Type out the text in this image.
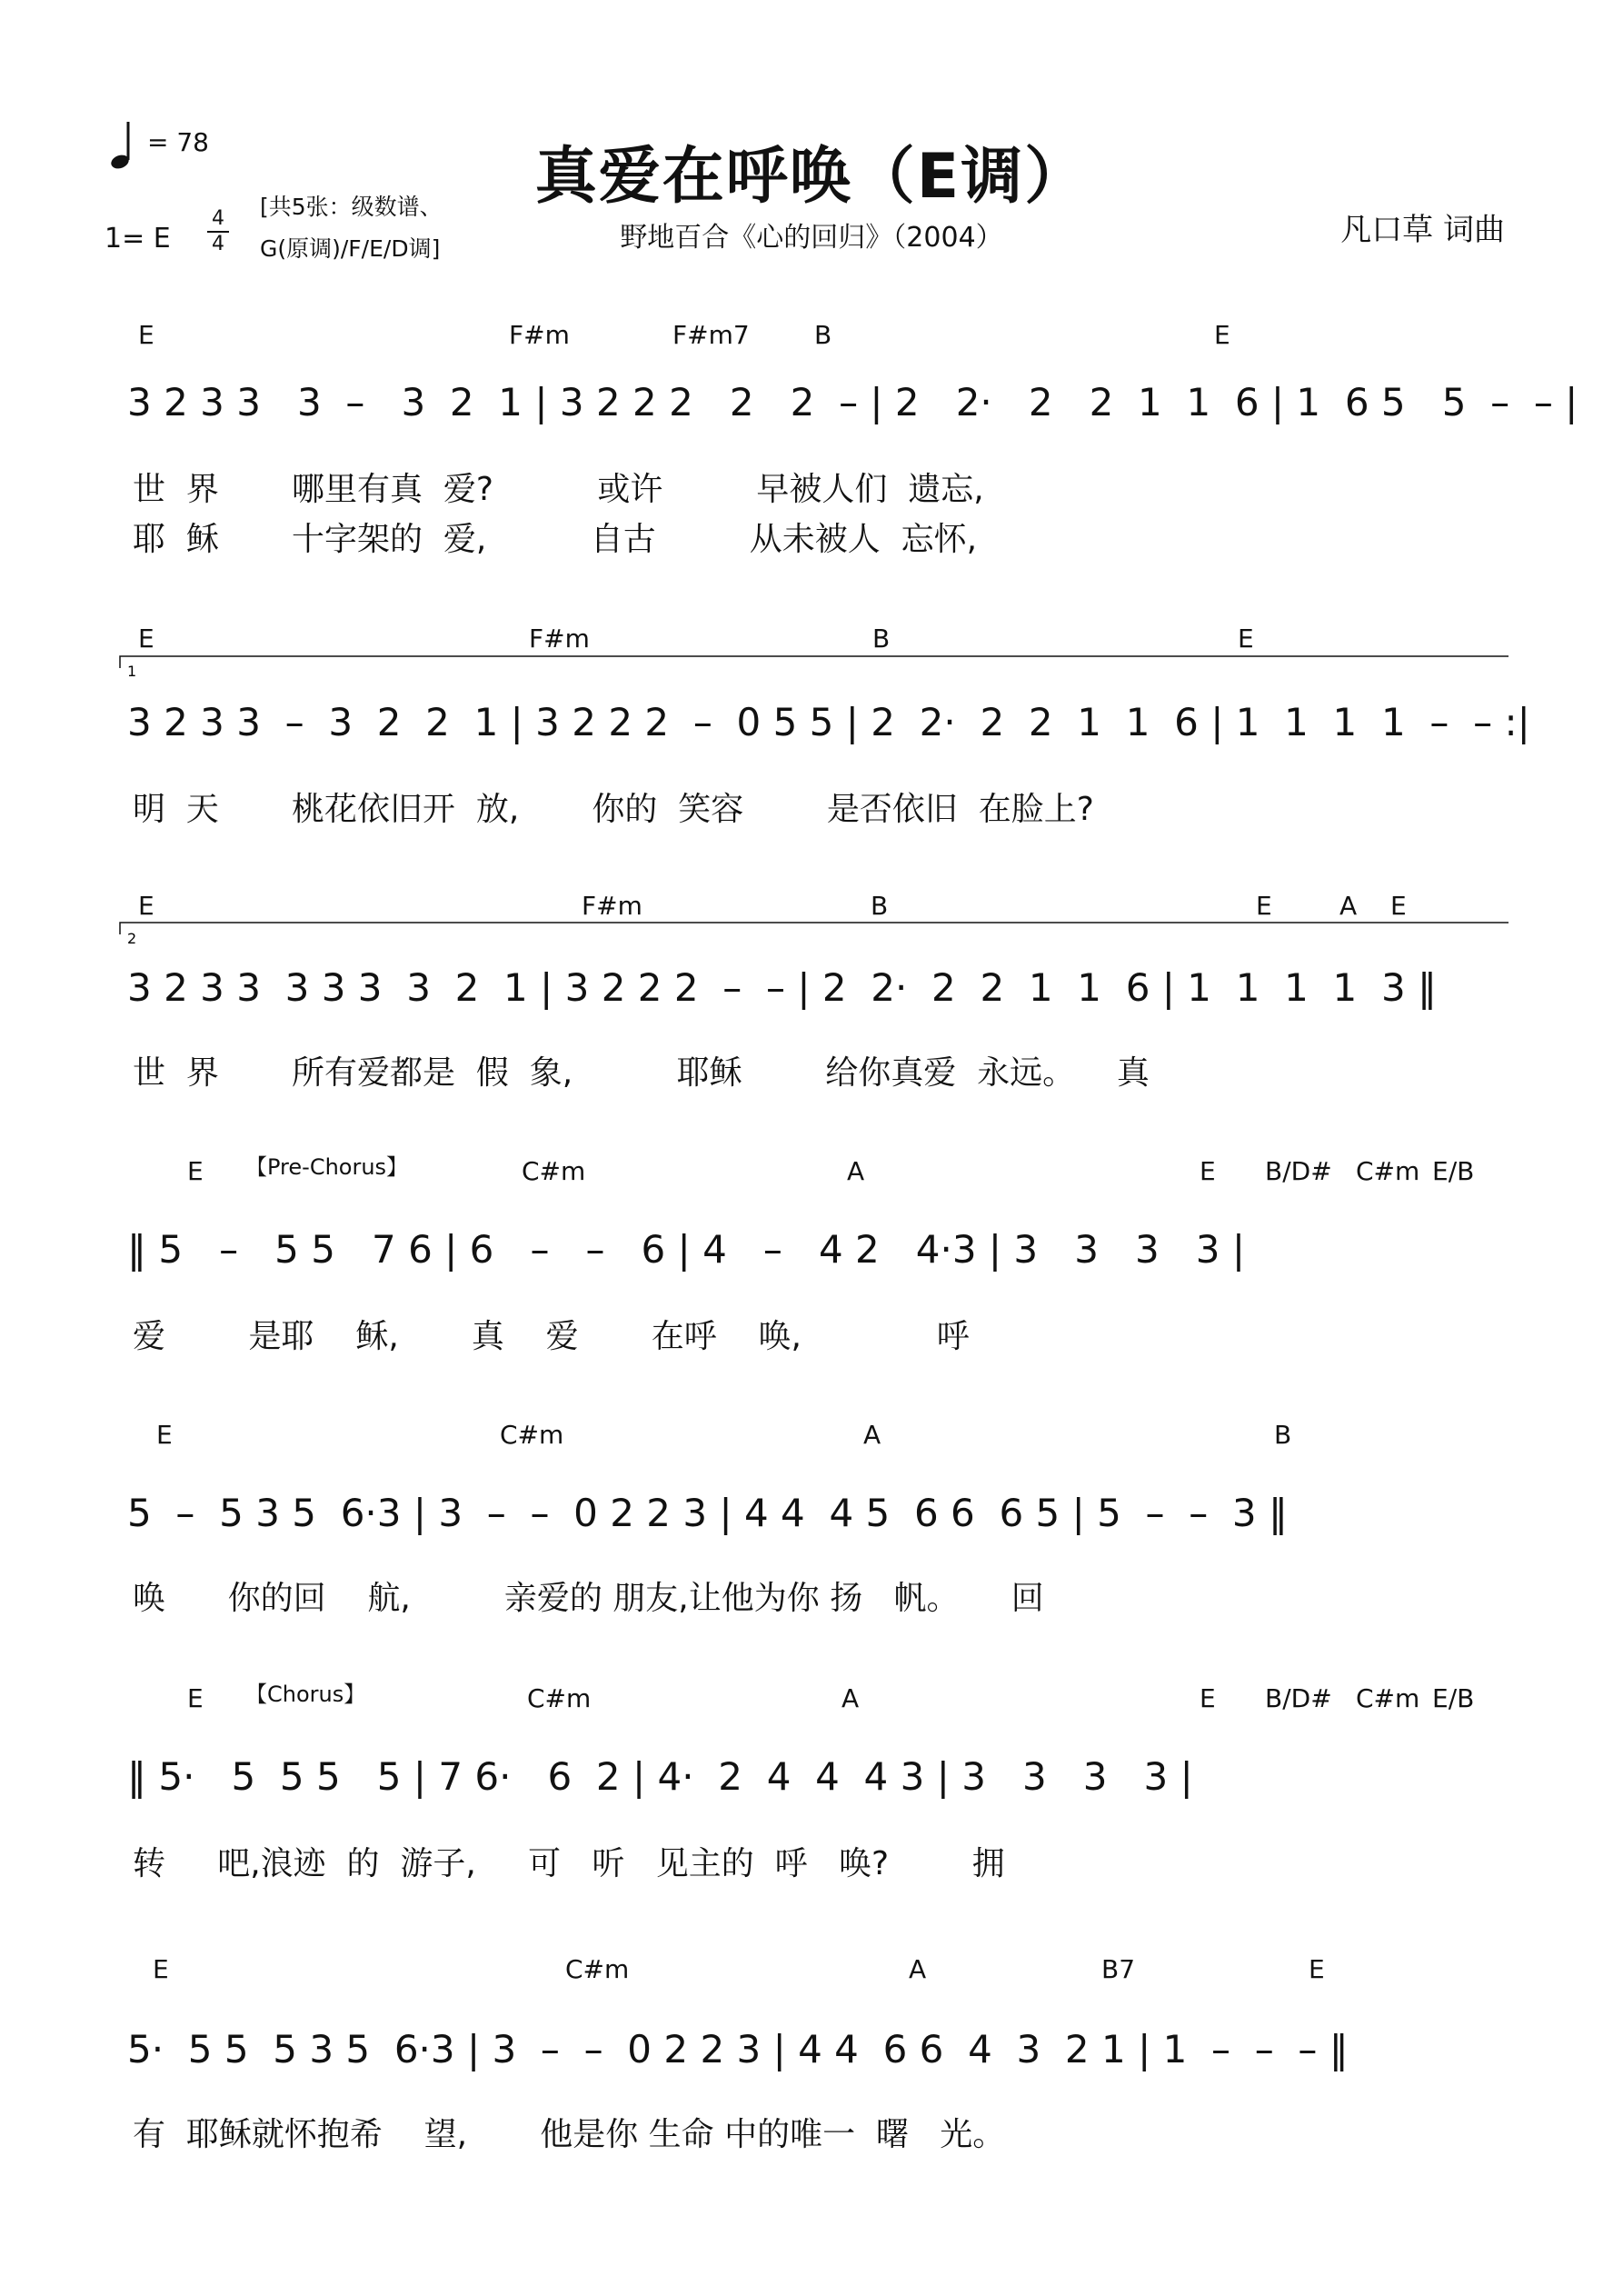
= 78	真爱在呼唤（E调）
野地百合《心的回归》（2004）	凡口草 词曲
1= E
4
4
[共5张：级数谱、
G(原调)/F/E/D调]
E	F#m	F#m7	B	E
3 2 3 3   3  –   3  2  1 | 3 2 2 2   2   2  – | 2   2·   2   2  1  1  6 | 1  6 5   5  –  – |
世  界       哪里有真  爱?          或许         早被人们  遗忘,
耶  稣       十字架的  爱,          自古         从未被人  忘怀,
E	F#m	B	E
3 2 3 3  –  3  2  2  1 | 3 2 2 2  –  0 5 5 | 2  2·  2  2  1  1  6 | 1  1  1  1  –  – :|
明  天       桃花依旧开  放,       你的  笑容        是否依旧  在脸上?
E	F#m	B	E	A E
3 2 3 3  3 3 3  3  2  1 | 3 2 2 2  –  – | 2  2·  2  2  1  1  6 | 1  1  1  1  3 ‖
世  界       所有爱都是  假  象,          耶稣        给你真爱  永远。    真
E	C#m	A	E B/D# C#m E/B
【Pre-Chorus】
‖ 5   –   5 5   7 6 | 6   –   –   6 | 4   –   4 2   4·3 | 3   3   3   3 |
爱        是耶    稣,       真    爱       在呼    唤,             呼
E	C#m	A	B
5  –  5 3 5  6·3 | 3  –  –  0 2 2 3 | 4 4  4 5  6 6  6 5 | 5  –  –  3 ‖
唤      你的回    航,         亲爱的 朋友,让他为你 扬   帆。     回
E	C#m	A	E B/D# C#m E/B
【Chorus】
‖ 5·   5  5 5   5 | 7 6·   6  2 | 4·  2  4  4  4 3 | 3   3   3   3 |
转     吧,浪迹  的  游子,     可   听   见主的  呼   唤?        拥
E	C#m	A	B7	E
5·  5 5  5 3 5  6·3 | 3  –  –  0 2 2 3 | 4 4  6 6  4  3  2 1 | 1  –  –  – ‖
有  耶稣就怀抱希    望,       他是你 生命 中的唯一  曙   光。
1
2
